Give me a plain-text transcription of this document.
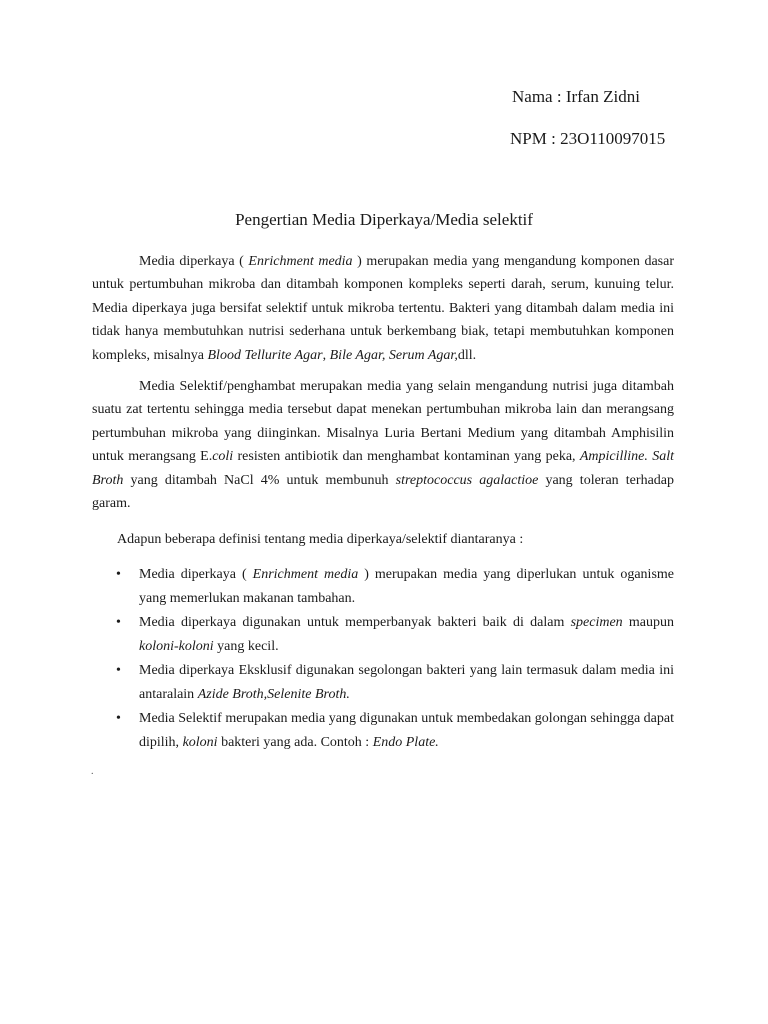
Nama : Irfan Zidni
NPM : 23O110097015
Pengertian Media Diperkaya/Media selektif

Media diperkaya ( Enrichment media ) merupakan media yang mengandung komponen dasar untuk pertumbuhan mikroba dan ditambah komponen kompleks seperti darah, serum, kunuing telur. Media diperkaya juga bersifat selektif untuk mikroba tertentu. Bakteri yang ditambah dalam media ini tidak hanya membutuhkan nutrisi sederhana untuk berkembang biak, tetapi membutuhkan komponen kompleks, misalnya Blood Tellurite Agar, Bile Agar, Serum Agar,dll.

Media Selektif/penghambat merupakan media yang selain mengandung nutrisi juga ditambah suatu zat tertentu sehingga media tersebut dapat menekan pertumbuhan mikroba lain dan merangsang pertumbuhan mikroba yang diinginkan. Misalnya Luria Bertani Medium yang ditambah Amphisilin untuk merangsang E.coli resisten antibiotik dan menghambat kontaminan yang peka, Ampicilline. Salt Broth yang ditambah NaCl 4% untuk membunuh streptococcus agalactioe yang toleran terhadap garam.

Adapun beberapa definisi tentang media diperkaya/selektif diantaranya :

• Media diperkaya ( Enrichment media ) merupakan media yang diperlukan untuk oganisme yang memerlukan makanan tambahan.
• Media diperkaya digunakan untuk memperbanyak bakteri baik di dalam specimen maupun koloni-koloni yang kecil.
• Media diperkaya Eksklusif digunakan segolongan bakteri yang lain termasuk dalam media ini antaralain Azide Broth,Selenite Broth.
• Media Selektif merupakan media yang digunakan untuk membedakan golongan sehingga dapat dipilih, koloni bakteri yang ada. Contoh : Endo Plate.
.
